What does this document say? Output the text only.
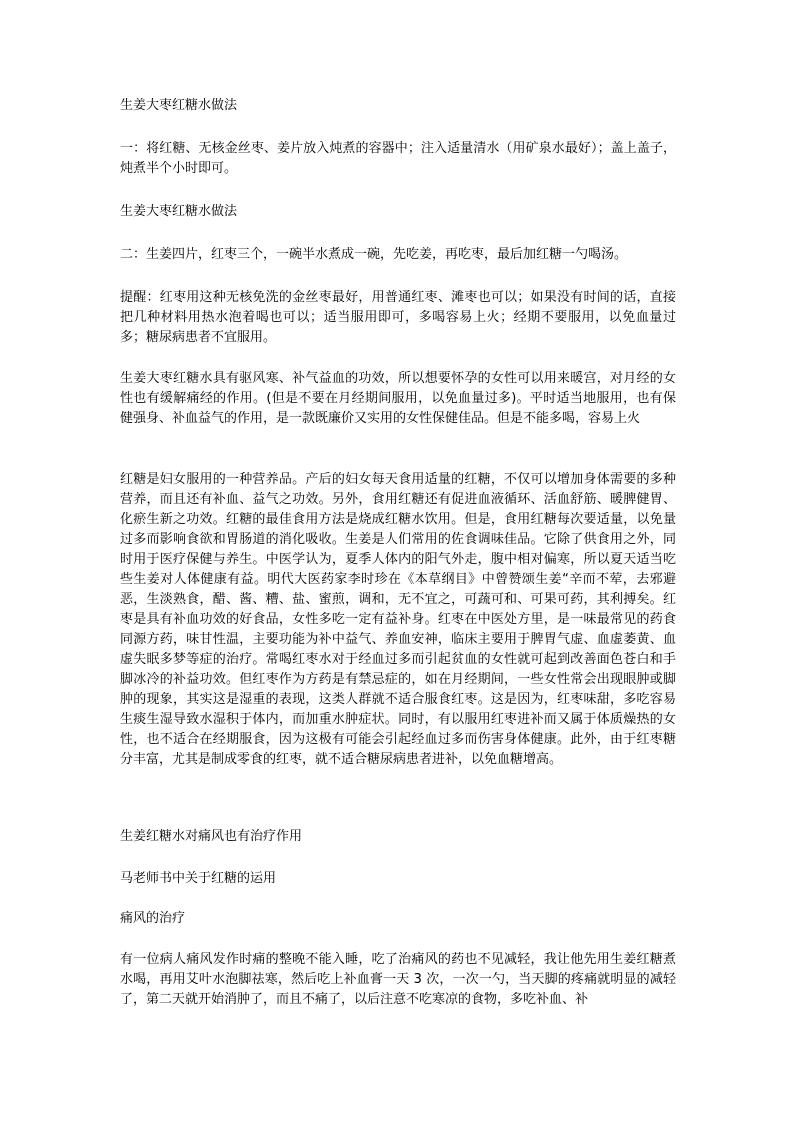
生姜大枣红糖水做法

一：将红糖、无核金丝枣、姜片放入炖煮的容器中；注入适量清水（用矿泉水最好）；盖上盖子，炖煮半个小时即可。

生姜大枣红糖水做法

二：生姜四片，红枣三个，一碗半水煮成一碗，先吃姜，再吃枣，最后加红糖一勺喝汤。

提醒：红枣用这种无核免洗的金丝枣最好，用普通红枣、滩枣也可以；如果没有时间的话，直接把几种材料用热水泡着喝也可以；适当服用即可，多喝容易上火；经期不要服用，以免血量过多；糖尿病患者不宜服用。

生姜大枣红糖水具有驱风寒、补气益血的功效，所以想要怀孕的女性可以用来暖宫，对月经的女性也有缓解痛经的作用。(但是不要在月经期间服用，以免血量过多)。平时适当地服用，也有保健强身、补血益气的作用，是一款既廉价又实用的女性保健佳品。但是不能多喝，容易上火

红糖是妇女服用的一种营养品。产后的妇女每天食用适量的红糖，不仅可以增加身体需要的多种营养，而且还有补血、益气之功效。另外，食用红糖还有促进血液循环、活血舒筋、暖脾健胃、化瘀生新之功效。红糖的最佳食用方法是烧成红糖水饮用。但是，食用红糖每次要适量，以免量过多而影响食欲和胃肠道的消化吸收。生姜是人们常用的佐食调味佳品。它除了供食用之外，同时用于医疗保健与养生。中医学认为，夏季人体内的阳气外走，腹中相对偏寒，所以夏天适当吃些生姜对人体健康有益。明代大医药家李时珍在《本草纲目》中曾赞颂生姜“辛而不荤，去邪避恶，生淡熟食，醋、酱、糟、盐、蜜煎，调和，无不宜之，可蔬可和、可果可药，其利搏矣。红枣是具有补血功效的好食品，女性多吃一定有益补身。红枣在中医处方里，是一味最常见的药食同源方药，味甘性温，主要功能为补中益气、养血安神，临床主要用于脾胃气虚、血虚萎黄、血虚失眠多梦等症的治疗。常喝红枣水对于经血过多而引起贫血的女性就可起到改善面色苍白和手脚冰冷的补益功效。但红枣作为方药是有禁忌症的，如在月经期间，一些女性常会出现眼肿或脚肿的现象，其实这是湿重的表现，这类人群就不适合服食红枣。这是因为，红枣味甜，多吃容易生痰生湿导致水湿积于体内，而加重水肿症状。同时，有以服用红枣进补而又属于体质燥热的女性，也不适合在经期服食，因为这极有可能会引起经血过多而伤害身体健康。此外，由于红枣糖分丰富，尤其是制成零食的红枣，就不适合糖尿病患者进补，以免血糖增高。

生姜红糖水对痛风也有治疗作用

马老师书中关于红糖的运用

痛风的治疗

有一位病人痛风发作时痛的整晚不能入睡，吃了治痛风的药也不见减轻，我让他先用生姜红糖煮水喝，再用艾叶水泡脚祛寒，然后吃上补血膏一天 3 次，一次一勺，当天脚的疼痛就明显的减轻了，第二天就开始消肿了，而且不痛了，以后注意不吃寒凉的食物，多吃补血、补
